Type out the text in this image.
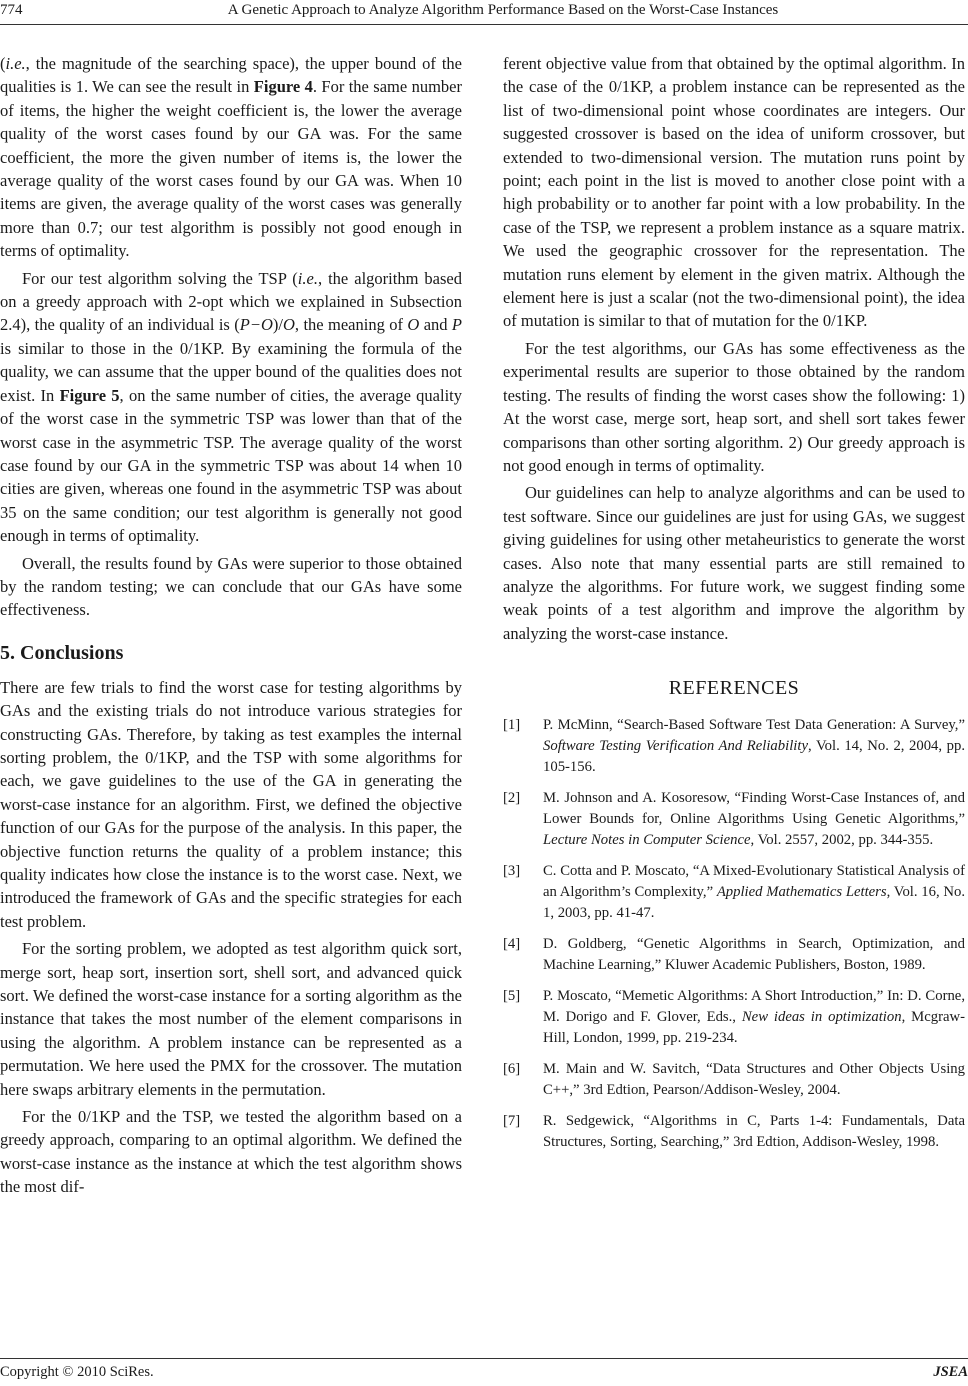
774	A Genetic Approach to Analyze Algorithm Performance Based on the Worst-Case Instances

(i.e., the magnitude of the searching space), the upper bound of the qualities is 1. We can see the result in Figure 4. For the same number of items, the higher the weight coefficient is, the lower the average quality of the worst cases found by our GA was. For the same coefficient, the more the given number of items is, the lower the average quality of the worst cases found by our GA was. When 10 items are given, the average quality of the worst cases was generally more than 0.7; our test algorithm is possibly not good enough in terms of optimality.

For our test algorithm solving the TSP (i.e., the algorithm based on a greedy approach with 2-opt which we explained in Subsection 2.4), the quality of an individual is (P−O)/O, the meaning of O and P is similar to those in the 0/1KP. By examining the formula of the quality, we can assume that the upper bound of the qualities does not exist. In Figure 5, on the same number of cities, the average quality of the worst case in the symmetric TSP was lower than that of the worst case in the asymmetric TSP. The average quality of the worst case found by our GA in the symmetric TSP was about 14 when 10 cities are given, whereas one found in the asymmetric TSP was about 35 on the same condition; our test algorithm is generally not good enough in terms of optimality.

Overall, the results found by GAs were superior to those obtained by the random testing; we can conclude that our GAs have some effectiveness.

5. Conclusions

There are few trials to find the worst case for testing algorithms by GAs and the existing trials do not introduce various strategies for constructing GAs. Therefore, by taking as test examples the internal sorting problem, the 0/1KP, and the TSP with some algorithms for each, we gave guidelines to the use of the GA in generating the worst-case instance for an algorithm. First, we defined the objective function of our GAs for the purpose of the analysis. In this paper, the objective function returns the quality of a problem instance; this quality indicates how close the instance is to the worst case. Next, we introduced the framework of GAs and the specific strategies for each test problem.

For the sorting problem, we adopted as test algorithm quick sort, merge sort, heap sort, insertion sort, shell sort, and advanced quick sort. We defined the worst-case instance for a sorting algorithm as the instance that takes the most number of the element comparisons in using the algorithm. A problem instance can be represented as a permutation. We here used the PMX for the crossover. The mutation here swaps arbitrary elements in the permutation.

For the 0/1KP and the TSP, we tested the algorithm based on a greedy approach, comparing to an optimal algorithm. We defined the worst-case instance as the instance at which the test algorithm shows the most dif-

ferent objective value from that obtained by the optimal algorithm. In the case of the 0/1KP, a problem instance can be represented as the list of two-dimensional point whose coordinates are integers. Our suggested crossover is based on the idea of uniform crossover, but extended to two-dimensional version. The mutation runs point by point; each point in the list is moved to another close point with a high probability or to another far point with a low probability. In the case of the TSP, we represent a problem instance as a square matrix. We used the geographic crossover for the representation. The mutation runs element by element in the given matrix. Although the element here is just a scalar (not the two-dimensional point), the idea of mutation is similar to that of mutation for the 0/1KP.

For the test algorithms, our GAs has some effectiveness as the experimental results are superior to those obtained by the random testing. The results of finding the worst cases show the following: 1) At the worst case, merge sort, heap sort, and shell sort takes fewer comparisons than other sorting algorithm. 2) Our greedy approach is not good enough in terms of optimality.

Our guidelines can help to analyze algorithms and can be used to test software. Since our guidelines are just for using GAs, we suggest giving guidelines for using other metaheuristics to generate the worst cases. Also note that many essential parts are still remained to analyze the algorithms. For future work, we suggest finding some weak points of a test algorithm and improve the algorithm by analyzing the worst-case instance.

REFERENCES
[1] P. McMinn, “Search-Based Software Test Data Generation: A Survey,” Software Testing Verification And Reliability, Vol. 14, No. 2, 2004, pp. 105-156.
[2] M. Johnson and A. Kosoresow, “Finding Worst-Case Instances of, and Lower Bounds for, Online Algorithms Using Genetic Algorithms,” Lecture Notes in Computer Science, Vol. 2557, 2002, pp. 344-355.
[3] C. Cotta and P. Moscato, “A Mixed-Evolutionary Statistical Analysis of an Algorithm’s Complexity,” Applied Mathematics Letters, Vol. 16, No. 1, 2003, pp. 41-47.
[4] D. Goldberg, “Genetic Algorithms in Search, Optimization, and Machine Learning,” Kluwer Academic Publishers, Boston, 1989.
[5] P. Moscato, “Memetic Algorithms: A Short Introduction,” In: D. Corne, M. Dorigo and F. Glover, Eds., New ideas in optimization, Mcgraw-Hill, London, 1999, pp. 219-234.
[6] M. Main and W. Savitch, “Data Structures and Other Objects Using C++,” 3rd Edtion, Pearson/Addison-Wesley, 2004.
[7] R. Sedgewick, “Algorithms in C, Parts 1-4: Fundamentals, Data Structures, Sorting, Searching,” 3rd Edtion, Addison-Wesley, 1998.
Copyright © 2010 SciRes.	JSEA
